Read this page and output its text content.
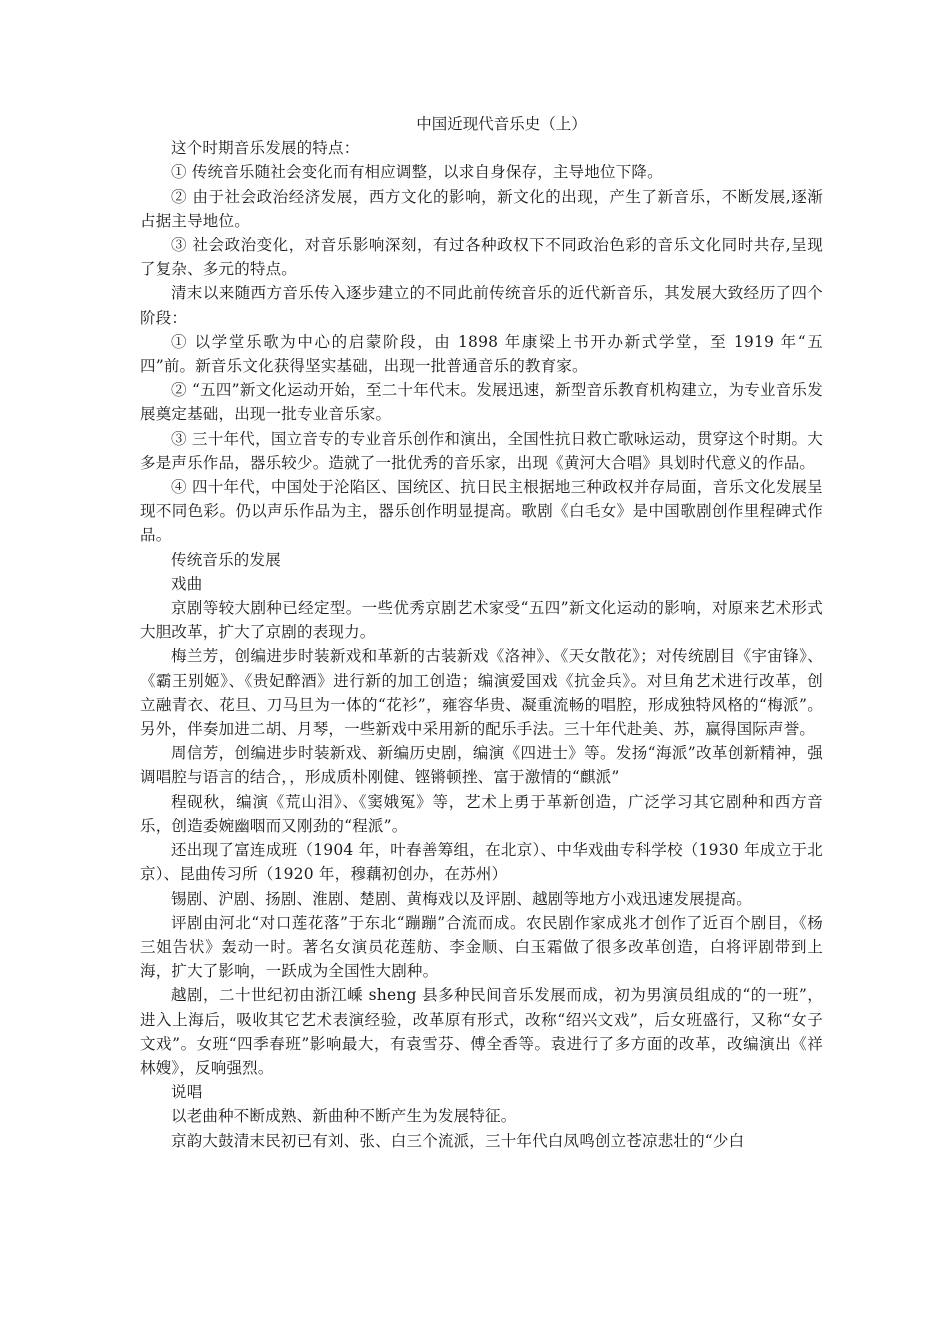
中国近现代音乐史（上）

这个时期音乐发展的特点：

① 传统音乐随社会变化而有相应调整，以求自身保存，主导地位下降。

② 由于社会政治经济发展，西方文化的影响，新文化的出现，产生了新音乐，不断发展,逐渐占据主导地位。

③ 社会政治变化，对音乐影响深刻，有过各种政权下不同政治色彩的音乐文化同时共存,呈现了复杂、多元的特点。

清末以来随西方音乐传入逐步建立的不同此前传统音乐的近代新音乐，其发展大致经历了四个阶段：

① 以学堂乐歌为中心的启蒙阶段，由 1898 年康梁上书开办新式学堂，至 1919 年“五四”前。新音乐文化获得坚实基础，出现一批普通音乐的教育家。

② “五四”新文化运动开始，至二十年代末。发展迅速，新型音乐教育机构建立，为专业音乐发展奠定基础，出现一批专业音乐家。

③ 三十年代，国立音专的专业音乐创作和演出，全国性抗日救亡歌咏运动，贯穿这个时期。大多是声乐作品，器乐较少。造就了一批优秀的音乐家，出现《黄河大合唱》具划时代意义的作品。

④ 四十年代，中国处于沦陷区、国统区、抗日民主根据地三种政权并存局面，音乐文化发展呈现不同色彩。仍以声乐作品为主，器乐创作明显提高。歌剧《白毛女》是中国歌剧创作里程碑式作品。

传统音乐的发展

戏曲

京剧等较大剧种已经定型。一些优秀京剧艺术家受“五四”新文化运动的影响，对原来艺术形式大胆改革，扩大了京剧的表现力。

梅兰芳，创编进步时装新戏和革新的古装新戏《洛神》、《天女散花》；对传统剧目《宇宙锋》、《霸王别姬》、《贵妃醉酒》进行新的加工创造；编演爱国戏《抗金兵》。对旦角艺术进行改革，创立融青衣、花旦、刀马旦为一体的“花衫”，雍容华贵、凝重流畅的唱腔，形成独特风格的“梅派”。另外，伴奏加进二胡、月琴，一些新戏中采用新的配乐手法。三十年代赴美、苏，赢得国际声誉。

周信芳，创编进步时装新戏、新编历史剧，编演《四进士》等。发扬“海派”改革创新精神，强调唱腔与语言的结合，，形成质朴刚健、铿锵顿挫、富于激情的“麒派”

程砚秋，编演《荒山泪》、《窦娥冤》等，艺术上勇于革新创造，广泛学习其它剧种和西方音乐，创造委婉幽咽而又刚劲的“程派”。

还出现了富连成班（1904 年，叶春善筹组，在北京）、中华戏曲专科学校（1930 年成立于北京）、昆曲传习所（1920 年，穆藕初创办，在苏州）

锡剧、沪剧、扬剧、淮剧、楚剧、黄梅戏以及评剧、越剧等地方小戏迅速发展提高。

评剧由河北“对口莲花落”于东北“蹦蹦”合流而成。农民剧作家成兆才创作了近百个剧目，《杨三姐告状》轰动一时。著名女演员花莲舫、李金顺、白玉霜做了很多改革创造，白将评剧带到上海，扩大了影响，一跃成为全国性大剧种。

越剧，二十世纪初由浙江嵊 sheng 县多种民间音乐发展而成，初为男演员组成的“的一班”，进入上海后，吸收其它艺术表演经验，改革原有形式，改称“绍兴文戏”，后女班盛行，又称“女子文戏”。女班“四季春班”影响最大，有袁雪芬、傅全香等。袁进行了多方面的改革，改编演出《祥林嫂》，反响强烈。

说唱

以老曲种不断成熟、新曲种不断产生为发展特征。

京韵大鼓清末民初已有刘、张、白三个流派，三十年代白凤鸣创立苍凉悲壮的“少白
